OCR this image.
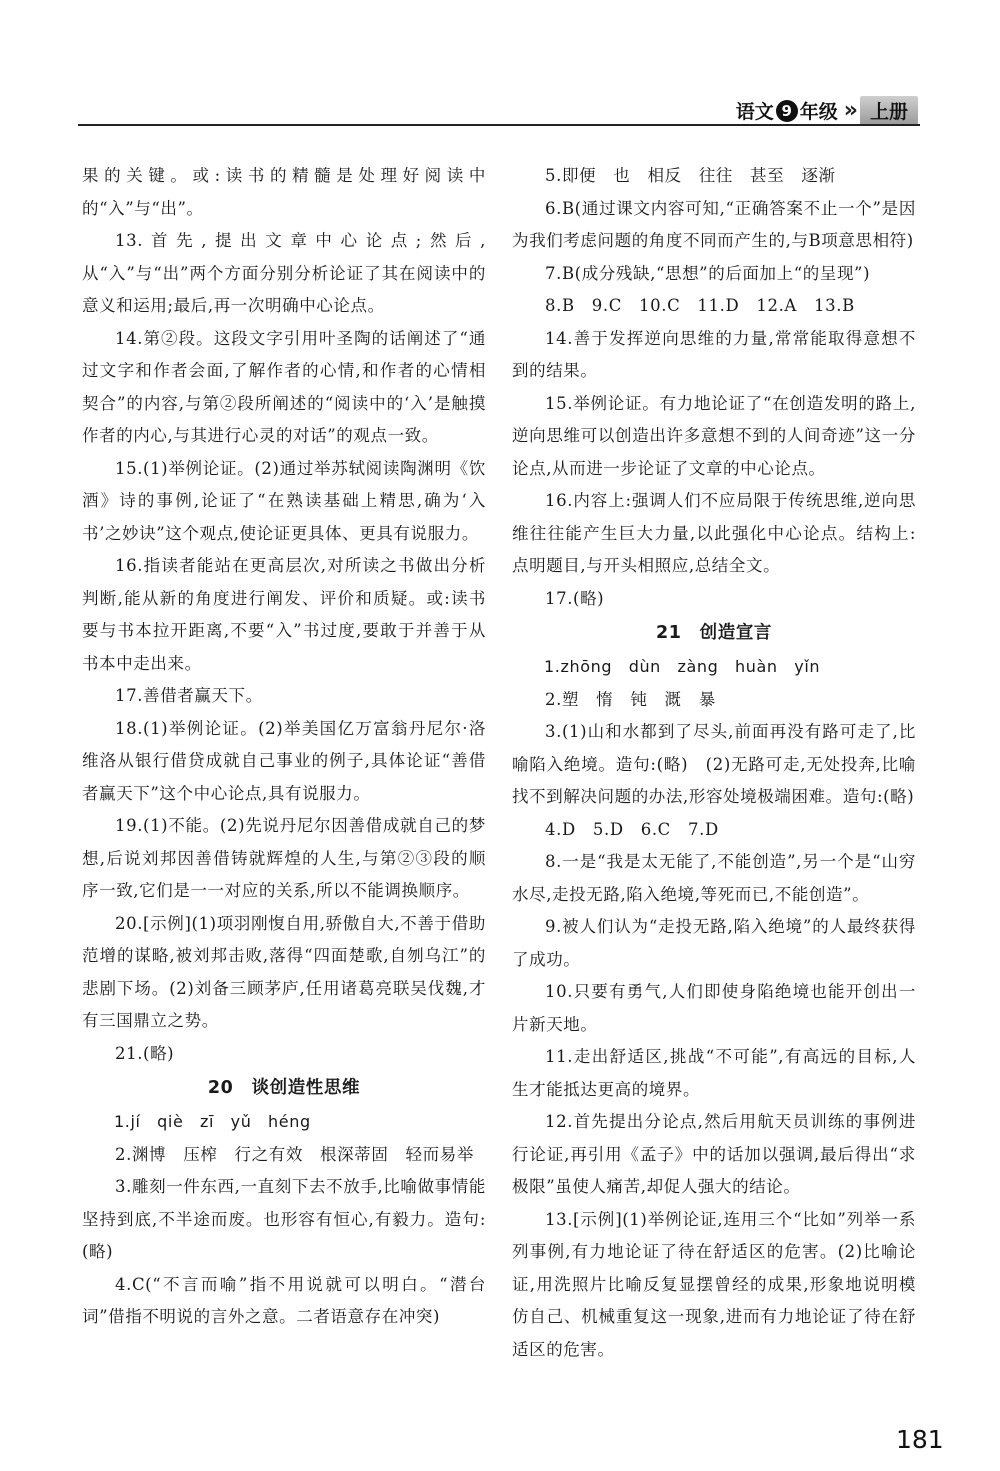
语文 9 年级 » 上册

果的关键。或:读书的精髓是处理好阅读中的“入”与“出”。

13.首先,提出文章中心论点;然后,从“入”与“出”两个方面分别分析论证了其在阅读中的意义和运用;最后,再一次明确中心论点。

14.第②段。这段文字引用叶圣陶的话阐述了“通过文字和作者会面,了解作者的心情,和作者的心情相契合”的内容,与第②段所阐述的“阅读中的‘入’是触摸作者的内心,与其进行心灵的对话”的观点一致。

15.(1)举例论证。(2)通过举苏轼阅读陶渊明《饮酒》诗的事例,论证了“在熟读基础上精思,确为‘入书’之妙诀”这个观点,使论证更具体、更具有说服力。

16.指读者能站在更高层次,对所读之书做出分析判断,能从新的角度进行阐发、评价和质疑。或:读书要与书本拉开距离,不要“入”书过度,要敢于并善于从书本中走出来。

17.善借者赢天下。

18.(1)举例论证。(2)举美国亿万富翁丹尼尔·洛维洛从银行借贷成就自己事业的例子,具体论证“善借者赢天下”这个中心论点,具有说服力。

19.(1)不能。(2)先说丹尼尔因善借成就自己的梦想,后说刘邦因善借铸就辉煌的人生,与第②③段的顺序一致,它们是一一对应的关系,所以不能调换顺序。

20.[示例](1)项羽刚愎自用,骄傲自大,不善于借助范增的谋略,被刘邦击败,落得“四面楚歌,自刎乌江”的悲剧下场。(2)刘备三顾茅庐,任用诸葛亮联吴伐魏,才有三国鼎立之势。

21.(略)

20　谈创造性思维

1.jí　qiè　zī　yǔ　héng

2.渊博　压榨　行之有效　根深蒂固　轻而易举

3.雕刻一件东西,一直刻下去不放手,比喻做事情能坚持到底,不半途而废。也形容有恒心,有毅力。造句:(略)

4.C(“不言而喻”指不用说就可以明白。“潜台词”借指不明说的言外之意。二者语意存在冲突)

5.即便　也　相反　往往　甚至　逐渐

6.B(通过课文内容可知,“正确答案不止一个”是因为我们考虑问题的角度不同而产生的,与B项意思相符)

7.B(成分残缺,“思想”的后面加上“的呈现”)

8.B　9.C　10.C　11.D　12.A　13.B

14.善于发挥逆向思维的力量,常常能取得意想不到的结果。

15.举例论证。有力地论证了“在创造发明的路上,逆向思维可以创造出许多意想不到的人间奇迹”这一分论点,从而进一步论证了文章的中心论点。

16.内容上:强调人们不应局限于传统思维,逆向思维往往能产生巨大力量,以此强化中心论点。结构上:点明题目,与开头相照应,总结全文。

17.(略)

21　创造宣言

1.zhōng　dùn　zàng　huàn　yǐn

2.塑　惰　钝　溉　暴

3.(1)山和水都到了尽头,前面再没有路可走了,比喻陷入绝境。造句:(略)　(2)无路可走,无处投奔,比喻找不到解决问题的办法,形容处境极端困难。造句:(略)

4.D　5.D　6.C　7.D

8.一是“我是太无能了,不能创造”,另一个是“山穷水尽,走投无路,陷入绝境,等死而已,不能创造”。

9.被人们认为“走投无路,陷入绝境”的人最终获得了成功。

10.只要有勇气,人们即使身陷绝境也能开创出一片新天地。

11.走出舒适区,挑战“不可能”,有高远的目标,人生才能抵达更高的境界。

12.首先提出分论点,然后用航天员训练的事例进行论证,再引用《孟子》中的话加以强调,最后得出“求极限”虽使人痛苦,却促人强大的结论。

13.[示例](1)举例论证,连用三个“比如”列举一系列事例,有力地论证了待在舒适区的危害。(2)比喻论证,用洗照片比喻反复显摆曾经的成果,形象地说明模仿自己、机械重复这一现象,进而有力地论证了待在舒适区的危害。

181
